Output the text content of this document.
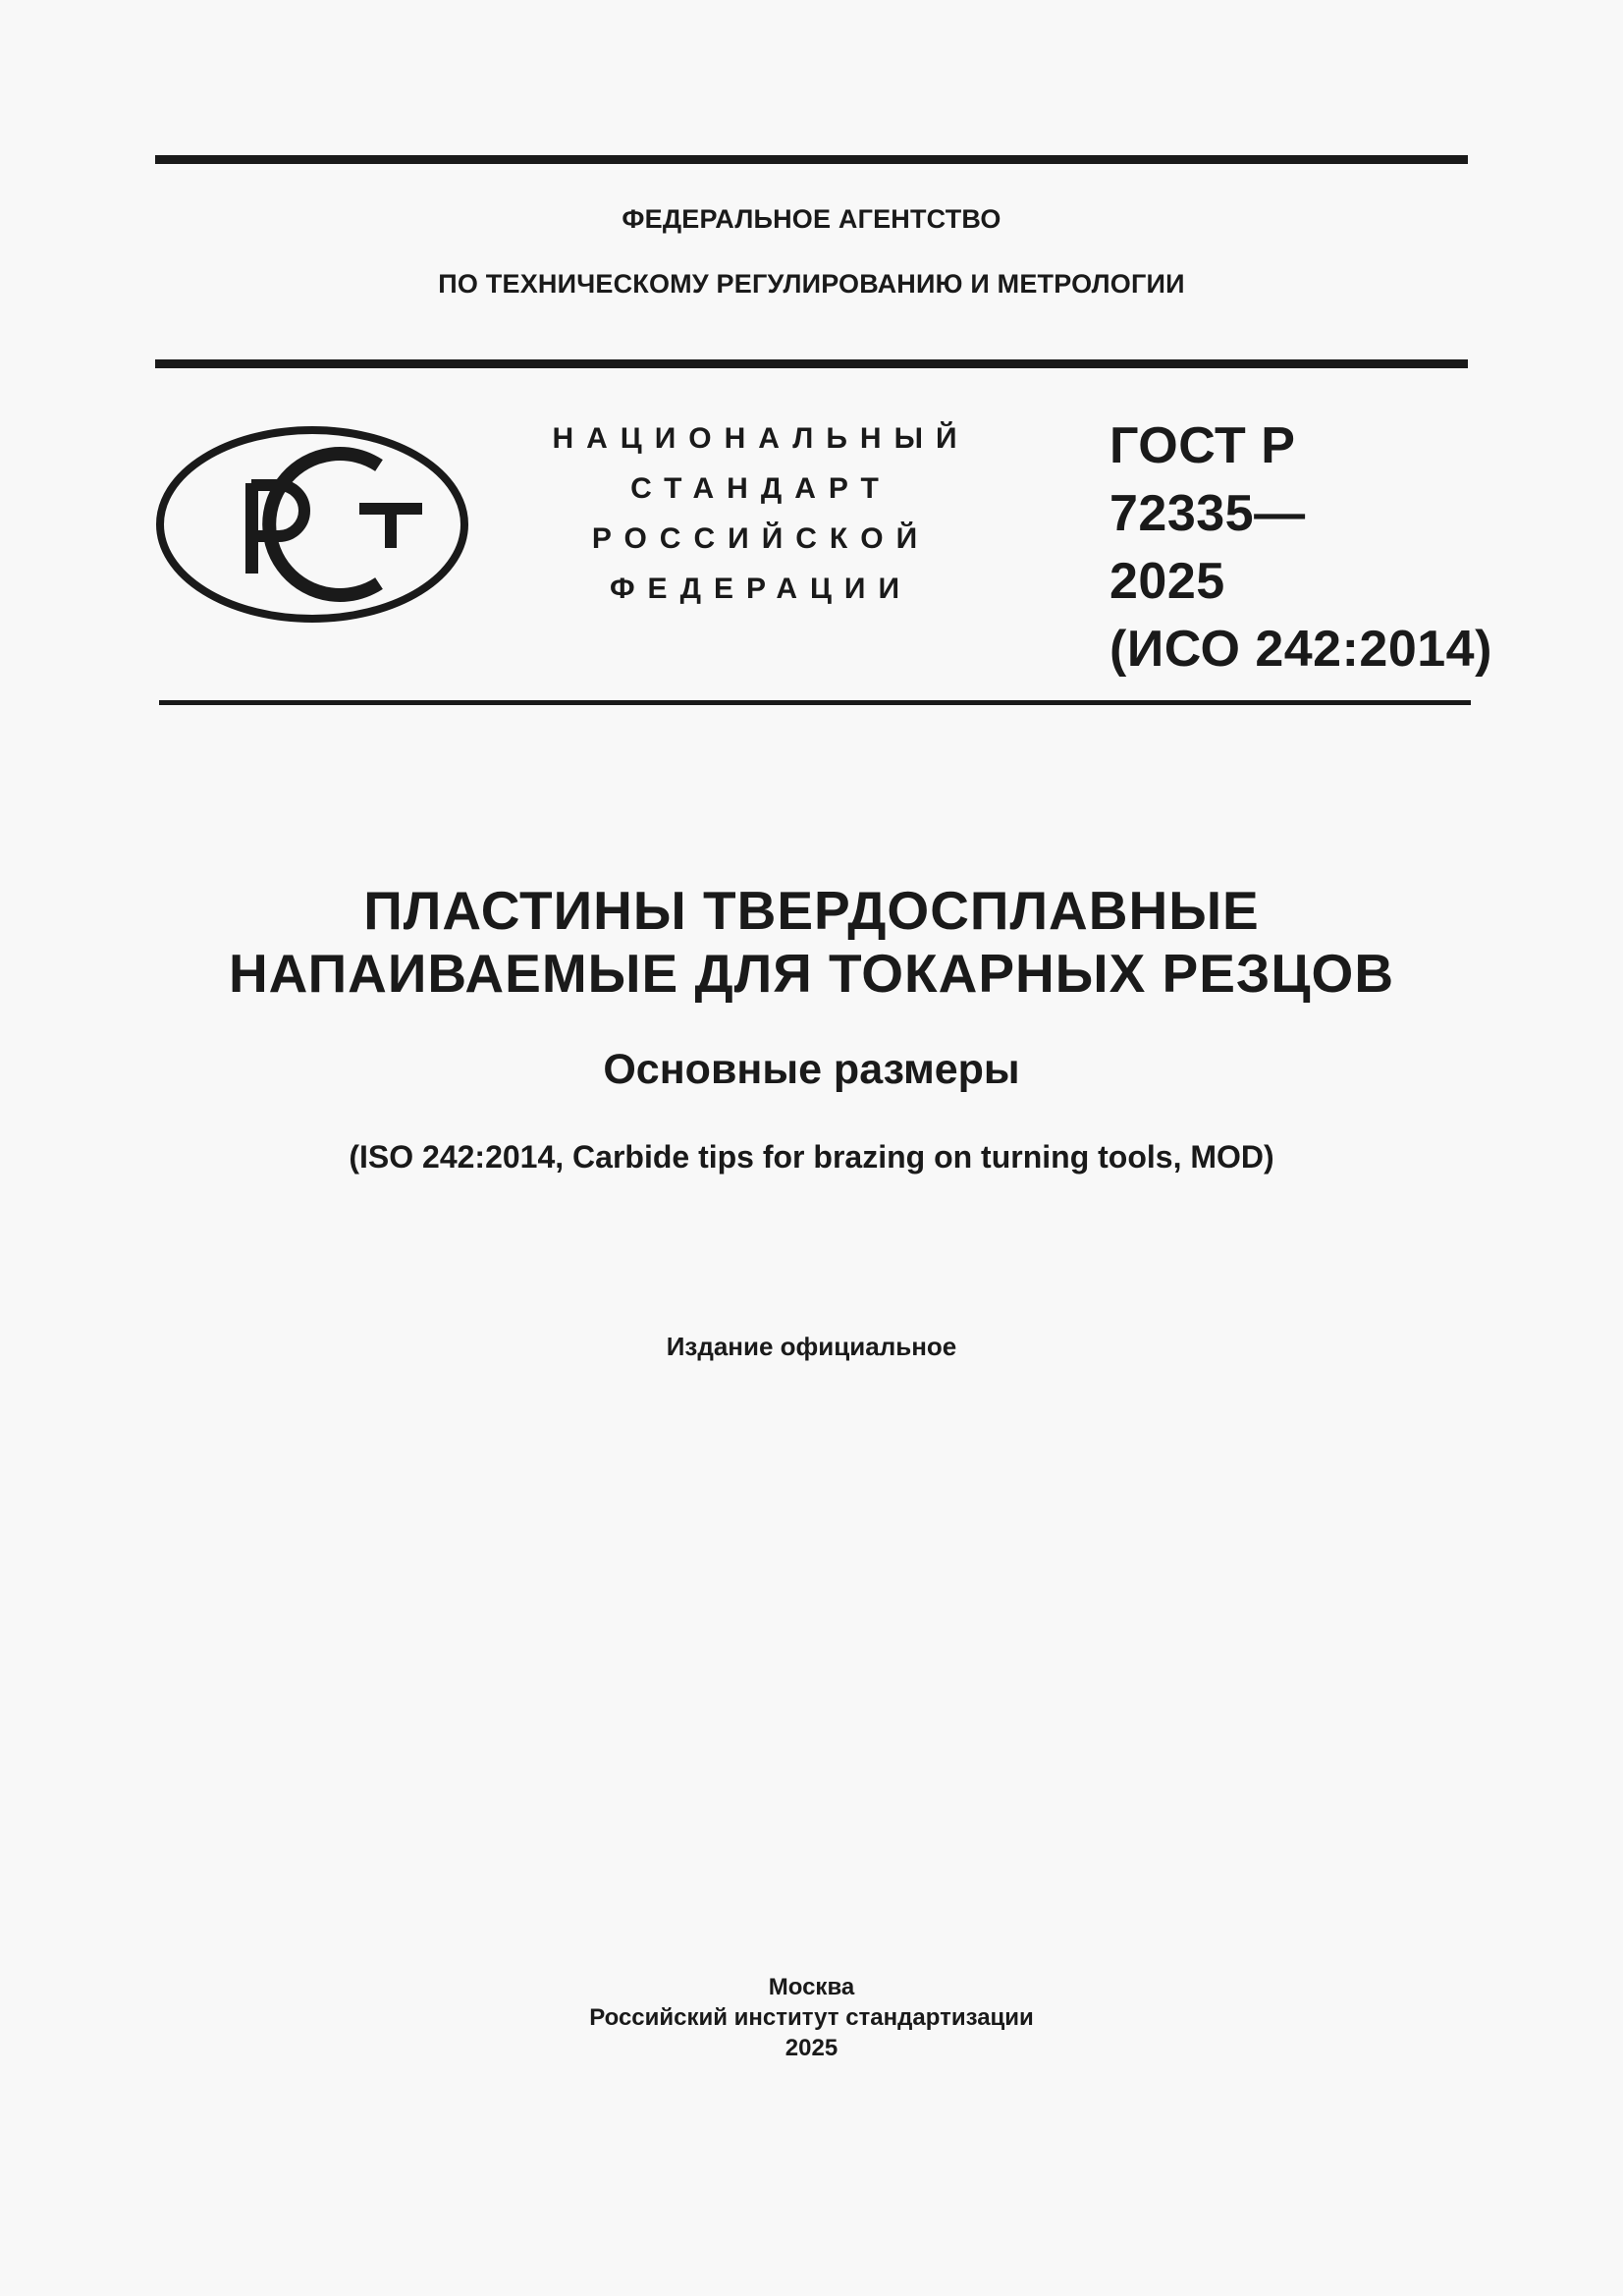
ФЕДЕРАЛЬНОЕ АГЕНТСТВО
ПО ТЕХНИЧЕСКОМУ РЕГУЛИРОВАНИЮ И МЕТРОЛОГИИ
НАЦИОНАЛЬНЫЙ
СТАНДАРТ
РОССИЙСКОЙ
ФЕДЕРАЦИИ
ГОСТ Р
72335—
2025
(ИСО 242:2014)
ПЛАСТИНЫ ТВЕРДОСПЛАВНЫЕ
НАПАИВАЕМЫЕ ДЛЯ ТОКАРНЫХ РЕЗЦОВ
Основные размеры
(ISO 242:2014, Carbide tips for brazing on turning tools, MOD)
Издание официальное
Москва
Российский институт стандартизации
2025
